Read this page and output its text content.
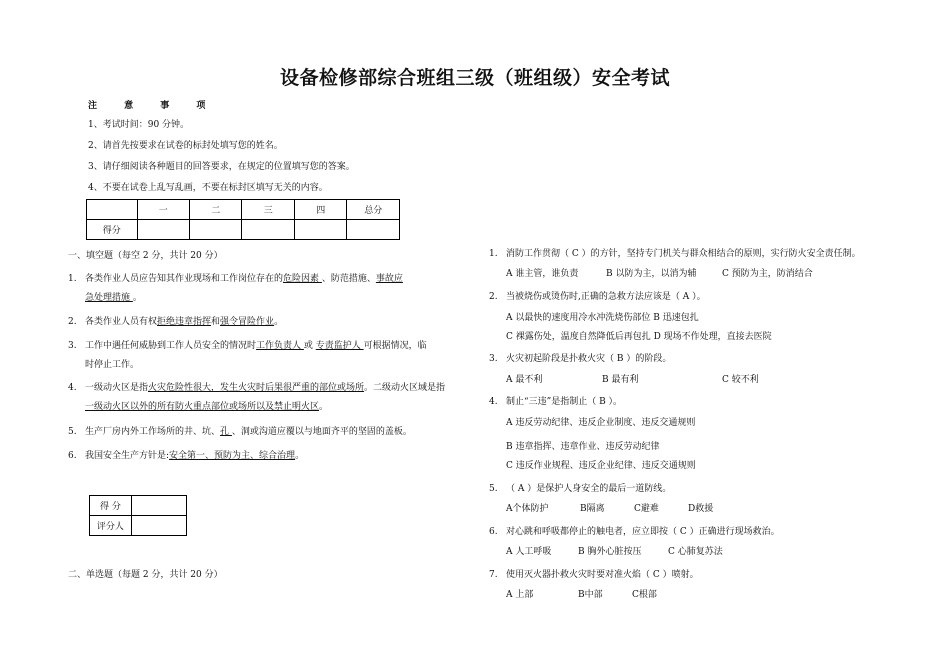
设备检修部综合班组三级（班组级）安全考试
注 意 事 项
1、考试时间：90 分钟。
2、请首先按要求在试卷的标封处填写您的姓名。
3、请仔细阅读各种题目的回答要求，在规定的位置填写您的答案。
4、不要在试卷上乱写乱画，不要在标封区填写无关的内容。
	一	二	三	四	总分
得分					
一、填空题（每空 2 分，共计 20 分）
1. 各类作业人员应告知其作业现场和工作岗位存在的危险因素 、防范措施、事故应
急处理措施 。
2. 各类作业人员有权拒绝违章指挥和强令冒险作业。
3. 工作中遇任何威胁到工作人员安全的情况时工作负责人 或 专责监护人 可根据情况，临
时停止工作。
4. 一级动火区是指火灾危险性很大，发生火灾时后果很严重的部位或场所。二级动火区域是指
一级动火区以外的所有防火重点部位或场所以及禁止明火区。
5. 生产厂房内外工作场所的井、坑、孔 、洞或沟道应覆以与地面齐平的坚固的盖板。
6. 我国安全生产方针是:安全第一、预防为主、综合治理。
得 分	
评分人	
二、单选题（每题 2 分，共计 20 分）
1. 消防工作贯彻（ C ）的方针，坚持专门机关与群众相结合的原则，实行防火安全责任制。
A 谁主管，谁负责	B 以防为主，以消为辅	C 预防为主，防消结合
2. 当被烧伤或烫伤时,正确的急救方法应该是（ A ）。
A 以最快的速度用冷水冲洗烧伤部位 B 迅速包扎
C 裸露伤处，温度自然降低后再包扎 D 现场不作处理，直接去医院
3. 火灾初起阶段是扑救火灾（ B ）的阶段。
A 最不利	B 最有利	C 较不利
4. 制止“三违”是指制止（ B ）。
A 违反劳动纪律、违反企业制度、违反交通规则
B 违章指挥、违章作业、违反劳动纪律
C 违反作业规程、违反企业纪律、违反交通规则
5. （ A ）是保护人身安全的最后一道防线。
A个体防护	B隔离	C避难	D救援
6. 对心跳和呼吸都停止的触电者，应立即按（ C ）正确进行现场救治。
A 人工呼吸	B 胸外心脏按压	C 心肺复苏法
7. 使用灭火器扑救火灾时要对准火焰（ C ）喷射。
A 上部	B中部	C根部
